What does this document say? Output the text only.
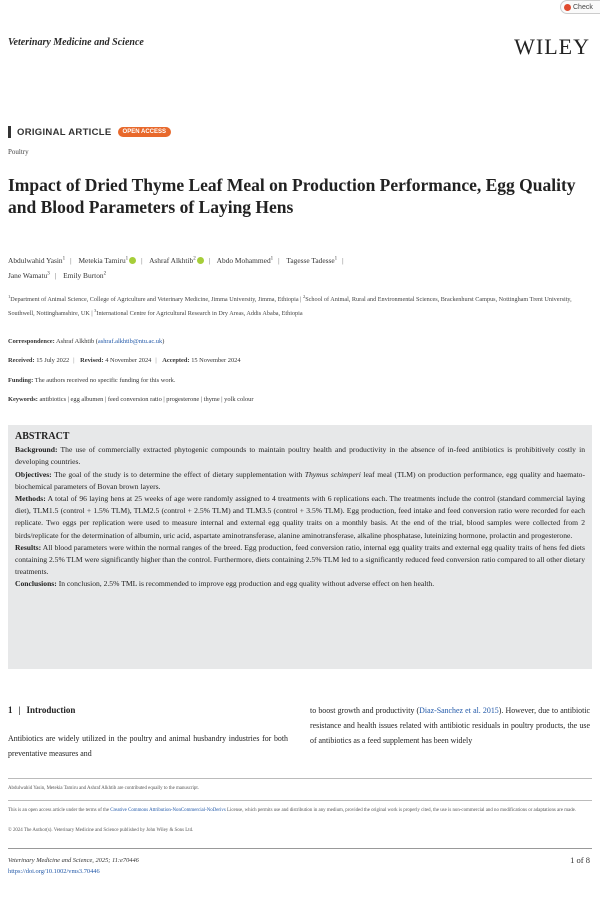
Check
Veterinary Medicine and Science	WILEY
ORIGINAL ARTICLE	OPEN ACCESS
Poultry
Impact of Dried Thyme Leaf Meal on Production Performance, Egg Quality and Blood Parameters of Laying Hens
Abdulwahid Yasin$^1$ | Metekia Tamiru$^1$ | Ashraf Alkhtib$^2$ | Abdo Mohammed$^1$ | Tagesse Tadesse$^1$ |
Jane Wamatu$^3$ | Emily Burton$^2$
$^1$Department of Animal Science, College of Agriculture and Veterinary Medicine, Jimma University, Jimma, Ethiopia | $^2$School of Animal, Rural and Environmental Sciences, Brackenhurst Campus, Nottingham Trent University, Southwell, Nottinghamshire, UK | $^3$International Centre for Agricultural Research in Dry Areas, Addis Ababa, Ethiopia
Correspondence: Ashraf Alkhtib (ashraf.alkhtib@ntu.ac.uk)
Received: 15 July 2022 | Revised: 4 November 2024 | Accepted: 15 November 2024
Funding: The authors received no specific funding for this work.
Keywords: antibiotics | egg albumen | feed conversion ratio | progesterone | thyme | yolk colour
ABSTRACT

Background: The use of commercially extracted phytogenic compounds to maintain poultry health and productivity in the absence of in-feed antibiotics is prohibitively costly in developing countries.

Objectives: The goal of the study is to determine the effect of dietary supplementation with Thymus schimperi leaf meal (TLM) on production performance, egg quality and haemato-biochemical parameters of Bovan brown layers.

Methods: A total of 96 laying hens at 25 weeks of age were randomly assigned to 4 treatments with 6 replications each. The treatments include the control (standard commercial laying diet), TLM1.5 (control + 1.5% TLM), TLM2.5 (control + 2.5% TLM) and TLM3.5 (control + 3.5% TLM). Egg production, feed intake and feed conversion ratio were recorded for each replicate. Two eggs per replication were used to measure internal and external egg quality traits on a monthly basis. At the end of the trial, blood samples were collected from 2 birds/replicate for the determination of albumin, uric acid, aspartate aminotransferase, alanine aminotransferase, alkaline phosphatase, luteinizing hormone, prolactin and progesterone.

Results: All blood parameters were within the normal ranges of the breed. Egg production, feed conversion ratio, internal egg quality traits and external egg quality traits of hens fed diets containing 2.5% TLM were significantly higher than the control. Furthermore, diets containing 2.5% TLM led to a significantly reduced feed conversion ratio compared to all other dietary treatments.

Conclusions: In conclusion, 2.5% TML is recommended to improve egg production and egg quality without adverse effect on hen health.

1 | Introduction

Antibiotics are widely utilized in the poultry and animal husbandry industries for both preventative measures and

to boost growth and productivity (Diaz-Sanchez et al. 2015). However, due to antibiotic resistance and health issues related with antibiotic residuals in poultry products, the use of antibiotics as a feed supplement has been widely

Abdulwahid Yasin, Metekia Tamiru and Ashraf Alkhtib are contributed equally to the manuscript.
This is an open access article under the terms of the Creative Commons Attribution-NonCommercial-NoDerivs License, which permits use and distribution in any medium, provided the original work is properly cited, the use is non-commercial and no modifications or adaptations are made.
© 2024 The Author(s). Veterinary Medicine and Science published by John Wiley & Sons Ltd.
Veterinary Medicine and Science, 2025; 11:e70446
https://doi.org/10.1002/vms3.70446
1 of 8
